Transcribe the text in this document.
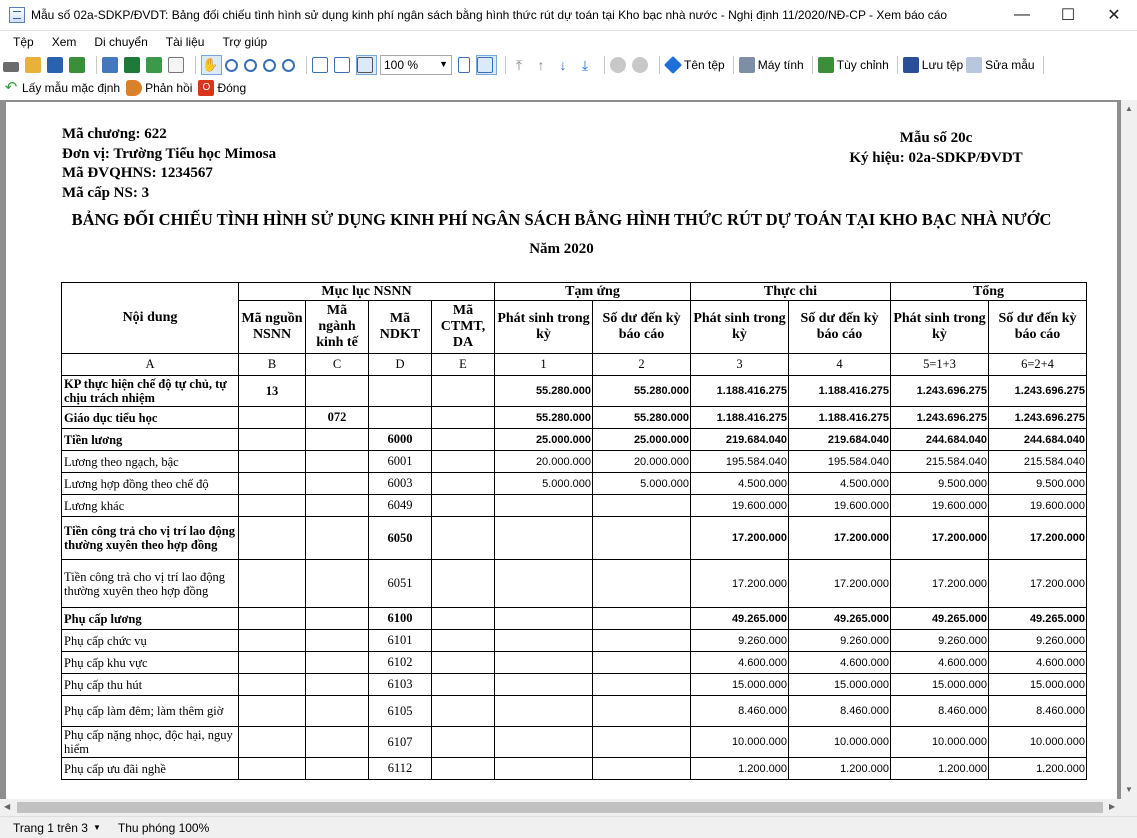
Mẫu số 02a-SDKP/ĐVDT: Bảng đối chiếu tình hình sử dụng kinh phí ngân sách bằng hình thức rút dự toán tại Kho bạc nhà nước - Nghị định 11/2020/NĐ-CP - Xem báo cáo	—	☐	✕
Tệp	Xem	Di chuyển	Tài liệu	Trợ giúp
✋	100 % ▼	⤒	↑	↓	⤓	Tên tệp	Máy tính	Tùy chỉnh	Lưu tệp Sửa mẫu
↶ Lấy mẫu mặc định Phản hồi	O Đóng
Mã chương: 622
Đơn vị: Trường Tiểu học Mimosa
Mã ĐVQHNS: 1234567
Mã cấp NS: 3
Mẫu số 20c
Ký hiệu: 02a-SDKP/ĐVDT
BẢNG ĐỐI CHIẾU TÌNH HÌNH SỬ DỤNG KINH PHÍ NGÂN SÁCH BẰNG HÌNH THỨC RÚT DỰ TOÁN TẠI KHO BẠC NHÀ NƯỚC
Năm 2020
Nội dung	Mục lục NSNN				Tạm ứng		Thực chi		Tổng	
	Mã nguồn NSNN	Mã ngành kinh tế	Mã NDKT	Mã CTMT, DA	Phát sinh trong kỳ	Số dư đến kỳ báo cáo	Phát sinh trong kỳ	Số dư đến kỳ báo cáo	Phát sinh trong kỳ	Số dư đến kỳ báo cáo
A	B	C	D	E	1	2	3	4	5=1+3	6=2+4
KP thực hiện chế độ tự chủ, tự chịu trách nhiệm	13				55.280.000	55.280.000	1.188.416.275	1.188.416.275	1.243.696.275	1.243.696.275
Giáo dục tiểu học		072			55.280.000	55.280.000	1.188.416.275	1.188.416.275	1.243.696.275	1.243.696.275
Tiền lương			6000		25.000.000	25.000.000	219.684.040	219.684.040	244.684.040	244.684.040
Lương theo ngạch, bậc			6001		20.000.000	20.000.000	195.584.040	195.584.040	215.584.040	215.584.040
Lương hợp đồng theo chế độ			6003		5.000.000	5.000.000	4.500.000	4.500.000	9.500.000	9.500.000
Lương khác			6049				19.600.000	19.600.000	19.600.000	19.600.000
Tiền công trả cho vị trí lao động thường xuyên theo hợp đồng			6050				17.200.000	17.200.000	17.200.000	17.200.000
Tiền công trả cho vị trí lao động thường xuyên theo hợp đồng			6051				17.200.000	17.200.000	17.200.000	17.200.000
Phụ cấp lương			6100				49.265.000	49.265.000	49.265.000	49.265.000
Phụ cấp chức vụ			6101				9.260.000	9.260.000	9.260.000	9.260.000
Phụ cấp khu vực			6102				4.600.000	4.600.000	4.600.000	4.600.000
Phụ cấp thu hút			6103				15.000.000	15.000.000	15.000.000	15.000.000
Phụ cấp làm đêm; làm thêm giờ			6105				8.460.000	8.460.000	8.460.000	8.460.000
Phụ cấp nặng nhọc, độc hại, nguy hiểm			6107				10.000.000	10.000.000	10.000.000	10.000.000
Phụ cấp ưu đãi nghề			6112				1.200.000	1.200.000	1.200.000	1.200.000
▲
▼
◀	▶
Trang 1 trên 3 ▼ Thu phóng 100%
